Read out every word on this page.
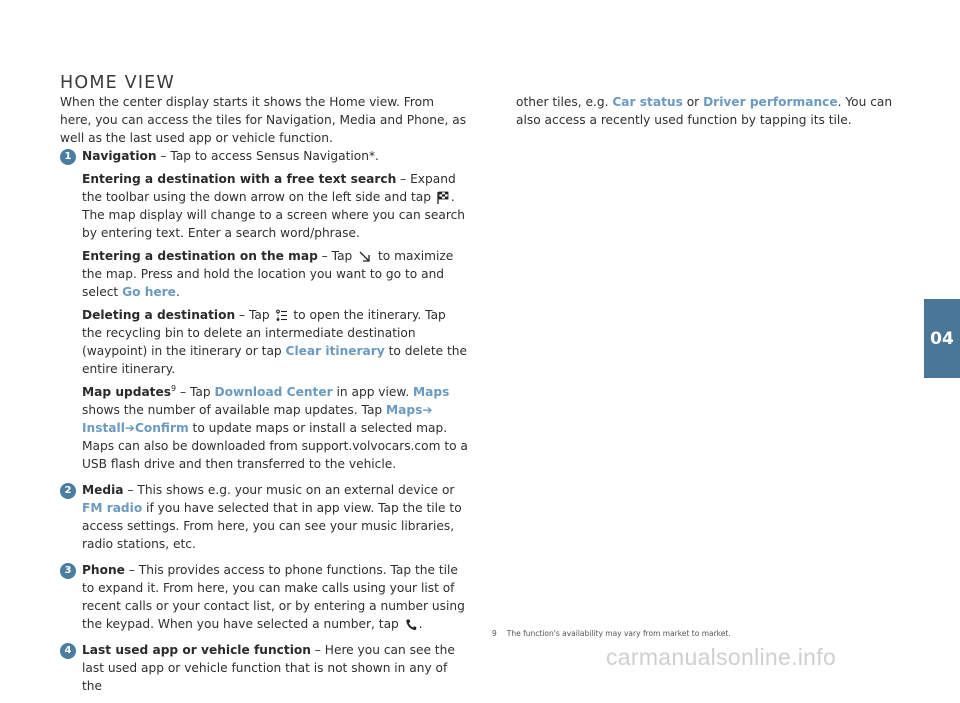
HOME VIEW

When the center display starts it shows the Home view. From here, you can access the tiles for Navigation, Media and Phone, as well as the last used app or vehicle function.

1 Navigation – Tap to access Sensus Navigation*.

Entering a destination with a free text search – Expand the toolbar using the down arrow on the left side and tap . The map display will change to a screen where you can search by entering text. Enter a search word/phrase.

Entering a destination on the map – Tap  to maximize the map. Press and hold the location you want to go to and select Go here.

Deleting a destination – Tap  to open the itinerary. Tap the recycling bin to delete an intermediate destination (waypoint) in the itinerary or tap Clear itinerary to delete the entire itinerary.

Map updates$^9$ – Tap Download Center in app view. Maps shows the number of available map updates. Tap Maps➔ Install➔Confirm to update maps or install a selected map. Maps can also be downloaded from support.volvocars.com to a USB flash drive and then transferred to the vehicle.

2 Media – This shows e.g. your music on an external device or FM radio if you have selected that in app view. Tap the tile to access settings. From here, you can see your music libraries, radio stations, etc.

3 Phone – This provides access to phone functions. Tap the tile to expand it. From here, you can make calls using your list of recent calls or your contact list, or by entering a number using the keypad. When you have selected a number, tap .

4 Last used app or vehicle function – Here you can see the last used app or vehicle function that is not shown in any of the

other tiles, e.g. Car status or Driver performance. You can also access a recently used function by tapping its tile.

9 The function's availability may vary from market to market.
04
carmanualsonline.info
